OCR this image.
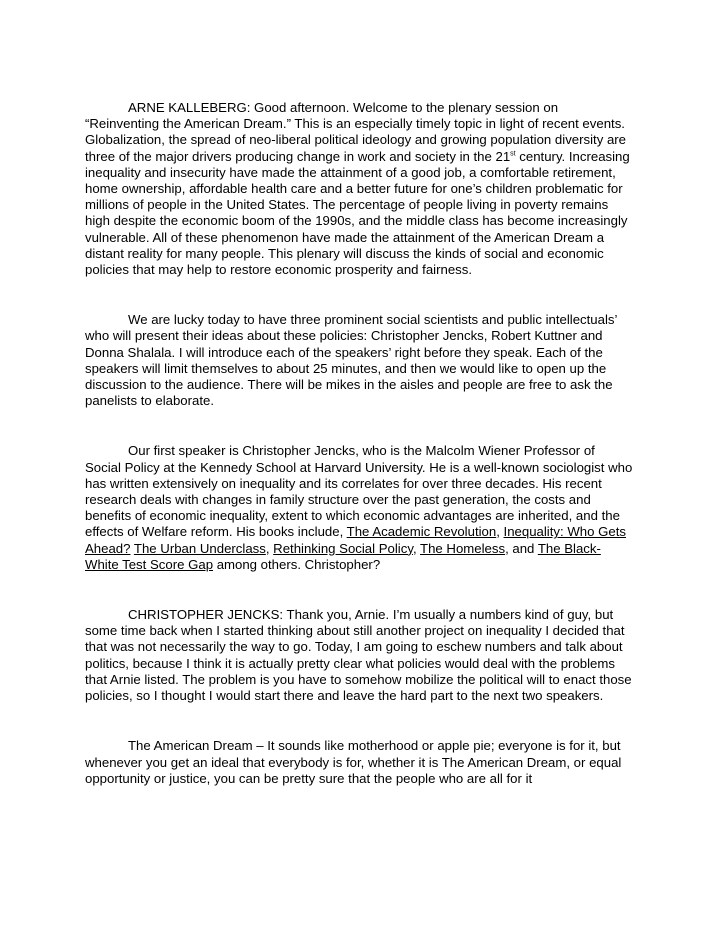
ARNE KALLEBERG: Good afternoon. Welcome to the plenary session on “Reinventing the American Dream.” This is an especially timely topic in light of recent events. Globalization, the spread of neo-liberal political ideology and growing population diversity are three of the major drivers producing change in work and society in the 21st century. Increasing inequality and insecurity have made the attainment of a good job, a comfortable retirement, home ownership, affordable health care and a better future for one’s children problematic for millions of people in the United States. The percentage of people living in poverty remains high despite the economic boom of the 1990s, and the middle class has become increasingly vulnerable. All of these phenomenon have made the attainment of the American Dream a distant reality for many people. This plenary will discuss the kinds of social and economic policies that may help to restore economic prosperity and fairness.

We are lucky today to have three prominent social scientists and public intellectuals’ who will present their ideas about these policies: Christopher Jencks, Robert Kuttner and Donna Shalala. I will introduce each of the speakers’ right before they speak. Each of the speakers will limit themselves to about 25 minutes, and then we would like to open up the discussion to the audience. There will be mikes in the aisles and people are free to ask the panelists to elaborate.

Our first speaker is Christopher Jencks, who is the Malcolm Wiener Professor of Social Policy at the Kennedy School at Harvard University. He is a well-known sociologist who has written extensively on inequality and its correlates for over three decades. His recent research deals with changes in family structure over the past generation, the costs and benefits of economic inequality, extent to which economic advantages are inherited, and the effects of Welfare reform. His books include, The Academic Revolution, Inequality: Who Gets Ahead? The Urban Underclass, Rethinking Social Policy, The Homeless, and The Black-White Test Score Gap among others. Christopher?

CHRISTOPHER JENCKS: Thank you, Arnie. I’m usually a numbers kind of guy, but some time back when I started thinking about still another project on inequality I decided that that was not necessarily the way to go. Today, I am going to eschew numbers and talk about politics, because I think it is actually pretty clear what policies would deal with the problems that Arnie listed. The problem is you have to somehow mobilize the political will to enact those policies, so I thought I would start there and leave the hard part to the next two speakers.

The American Dream – It sounds like motherhood or apple pie; everyone is for it, but whenever you get an ideal that everybody is for, whether it is The American Dream, or equal opportunity or justice, you can be pretty sure that the people who are all for it
